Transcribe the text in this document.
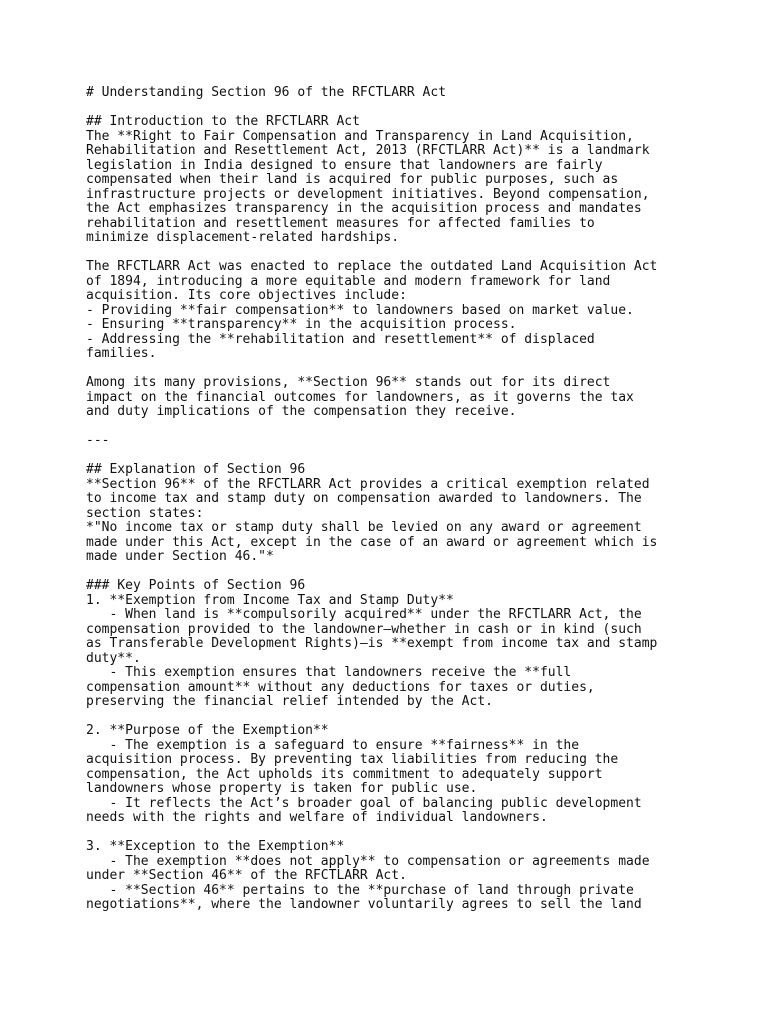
# Understanding Section 96 of the RFCTLARR Act
## Introduction to the RFCTLARR Act
The **Right to Fair Compensation and Transparency in Land Acquisition,
Rehabilitation and Resettlement Act, 2013 (RFCTLARR Act)** is a landmark
legislation in India designed to ensure that landowners are fairly
compensated when their land is acquired for public purposes, such as
infrastructure projects or development initiatives. Beyond compensation,
the Act emphasizes transparency in the acquisition process and mandates
rehabilitation and resettlement measures for affected families to
minimize displacement-related hardships.
The RFCTLARR Act was enacted to replace the outdated Land Acquisition Act
of 1894, introducing a more equitable and modern framework for land
acquisition. Its core objectives include:
- Providing **fair compensation** to landowners based on market value.
- Ensuring **transparency** in the acquisition process.
- Addressing the **rehabilitation and resettlement** of displaced
families.
Among its many provisions, **Section 96** stands out for its direct
impact on the financial outcomes for landowners, as it governs the tax
and duty implications of the compensation they receive.
---
## Explanation of Section 96
**Section 96** of the RFCTLARR Act provides a critical exemption related
to income tax and stamp duty on compensation awarded to landowners. The
section states:
*"No income tax or stamp duty shall be levied on any award or agreement
made under this Act, except in the case of an award or agreement which is
made under Section 46."*
### Key Points of Section 96
1. **Exemption from Income Tax and Stamp Duty**
- When land is **compulsorily acquired** under the RFCTLARR Act, the
compensation provided to the landowner—whether in cash or in kind (such
as Transferable Development Rights)—is **exempt from income tax and stamp
duty**.
- This exemption ensures that landowners receive the **full
compensation amount** without any deductions for taxes or duties,
preserving the financial relief intended by the Act.
2. **Purpose of the Exemption**
- The exemption is a safeguard to ensure **fairness** in the
acquisition process. By preventing tax liabilities from reducing the
compensation, the Act upholds its commitment to adequately support
landowners whose property is taken for public use.
- It reflects the Act’s broader goal of balancing public development
needs with the rights and welfare of individual landowners.
3. **Exception to the Exemption**
- The exemption **does not apply** to compensation or agreements made
under **Section 46** of the RFCTLARR Act.
- **Section 46** pertains to the **purchase of land through private
negotiations**, where the landowner voluntarily agrees to sell the land
